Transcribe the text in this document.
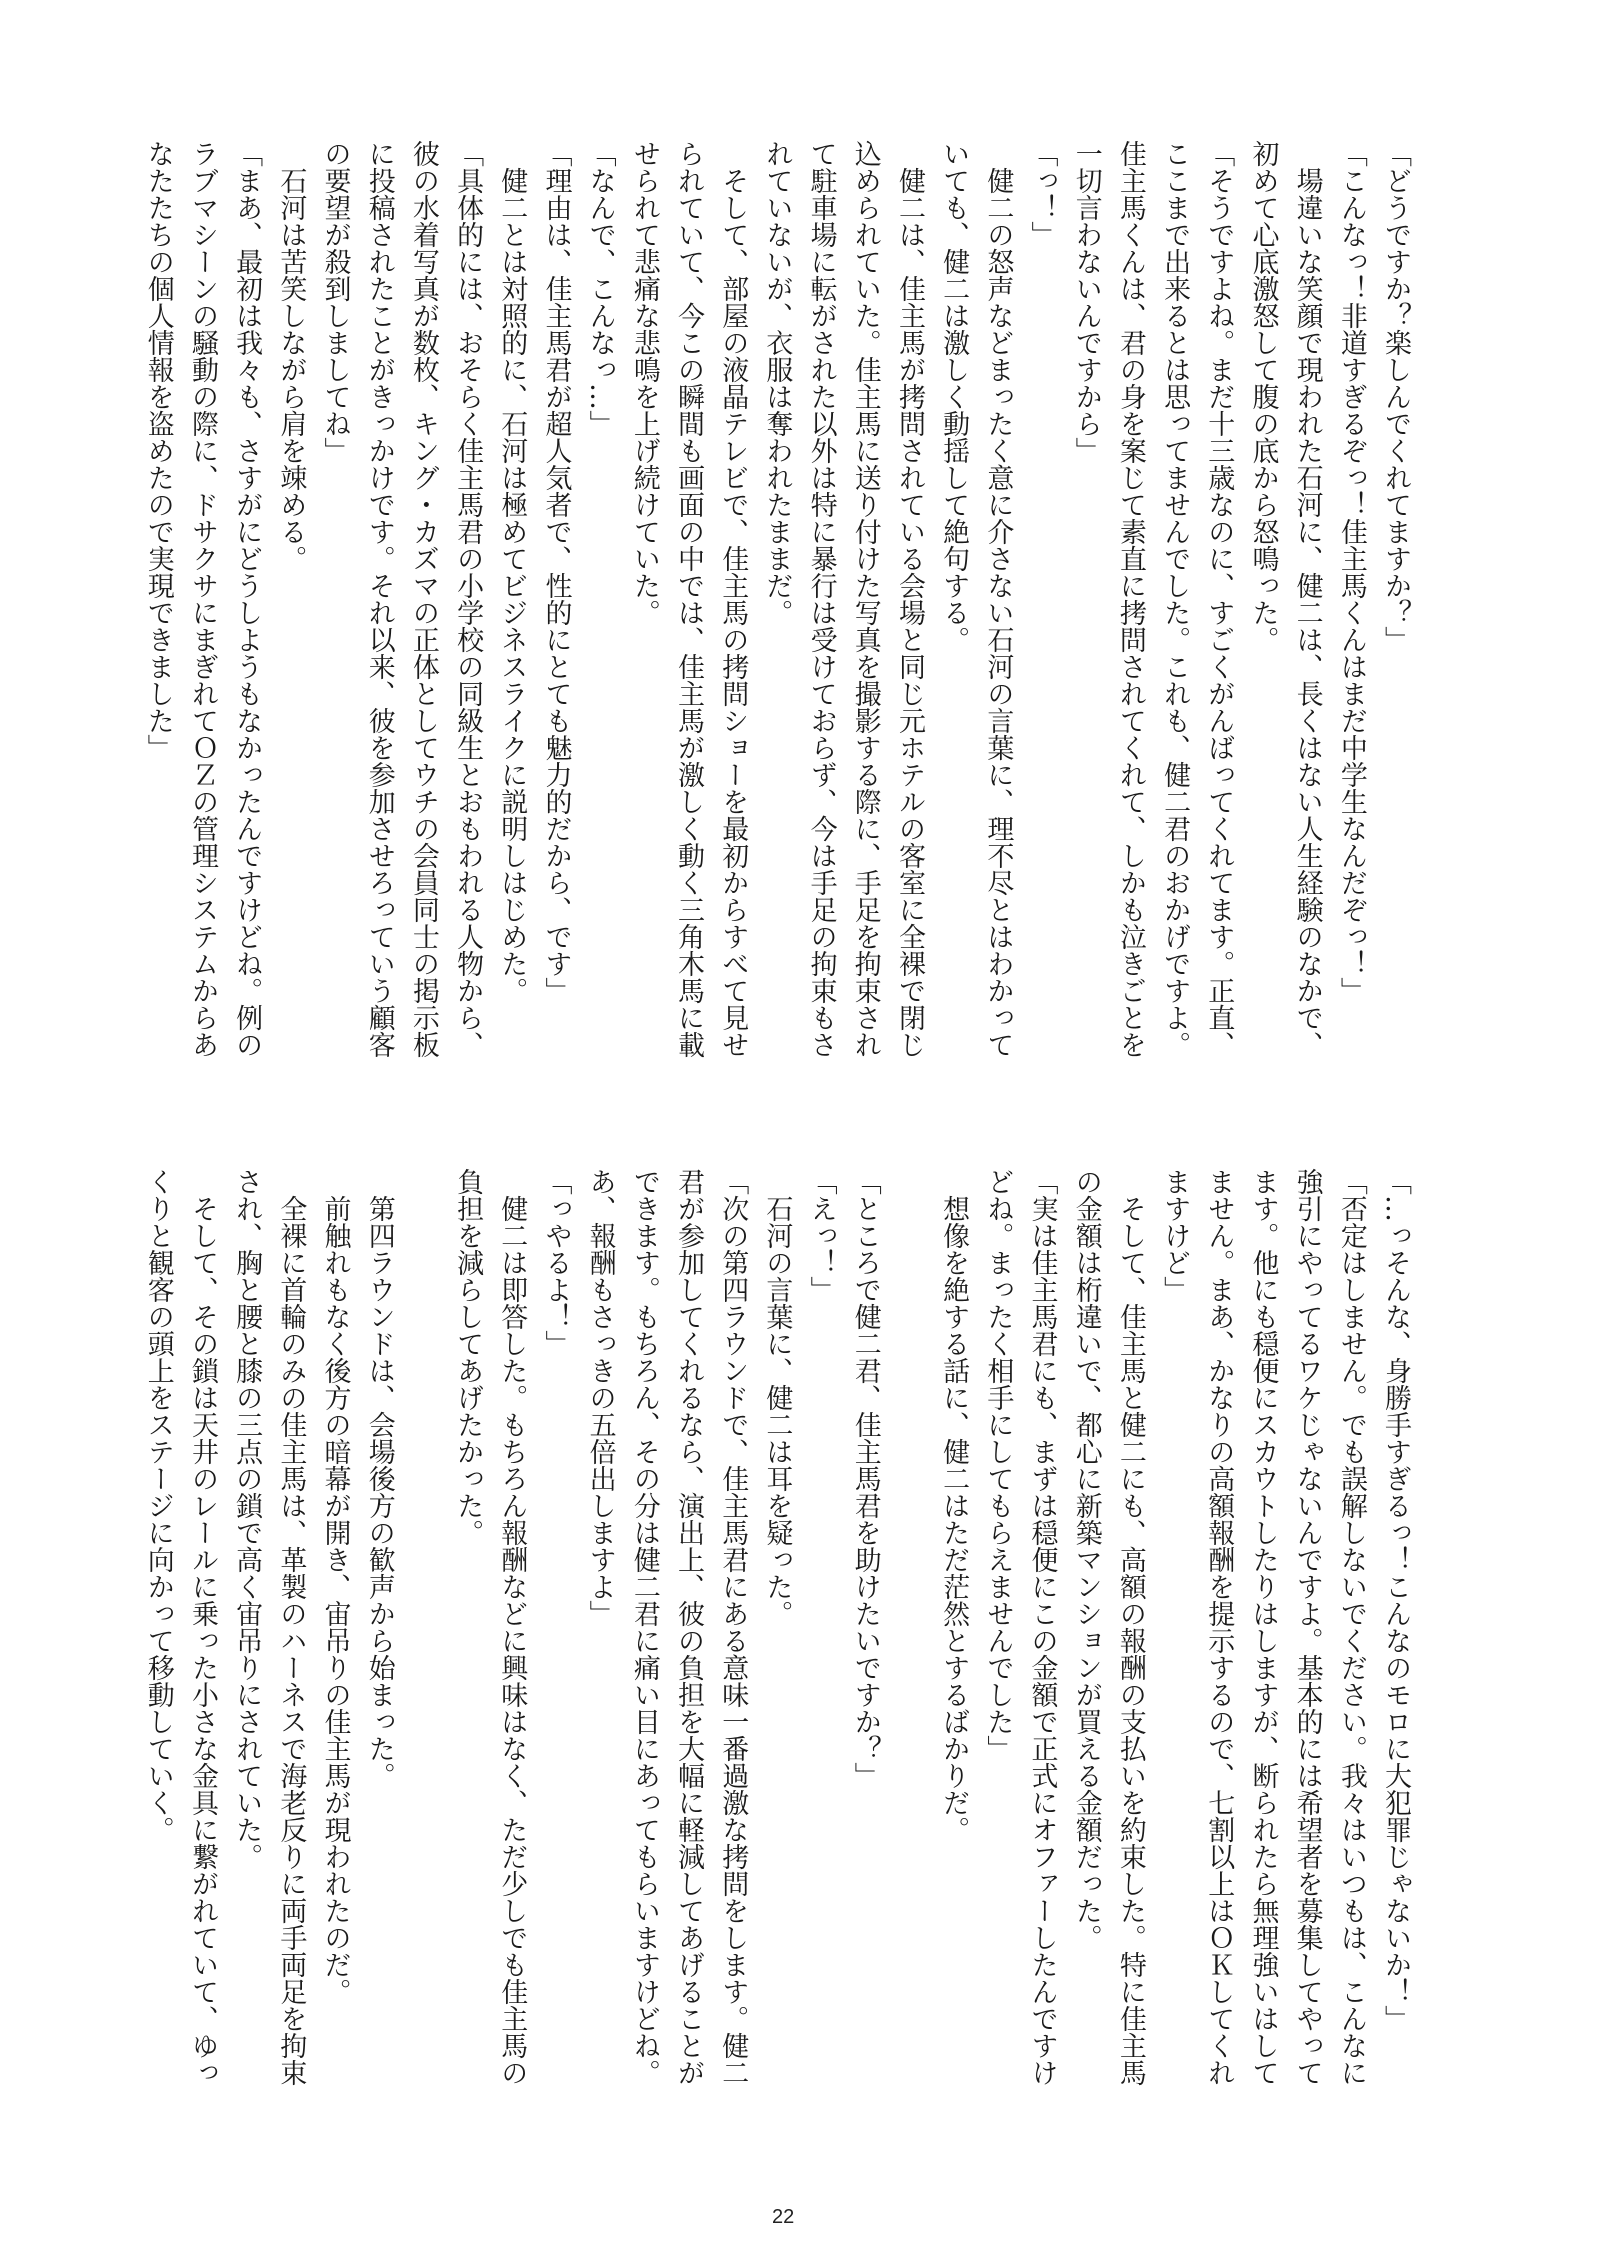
「どうですか？楽しんでくれてますか？」
「こんなっ！非道すぎるぞっ！佳主馬くんはまだ中学生なんだぞっ！」
　場違いな笑顔で現われた石河に、健二は、長くはない人生経験のなかで、
初めて心底激怒して腹の底から怒鳴った。
「そうですよね。まだ十三歳なのに、すごくがんばってくれてます。正直、
ここまで出来るとは思ってませんでした。これも、健二君のおかげですよ。
佳主馬くんは、君の身を案じて素直に拷問されてくれて、しかも泣きごとを
一切言わないんですから」
「っ！」
　健二の怒声などまったく意に介さない石河の言葉に、理不尽とはわかって
いても、健二は激しく動揺して絶句する。
　健二は、佳主馬が拷問されている会場と同じ元ホテルの客室に全裸で閉じ
込められていた。佳主馬に送り付けた写真を撮影する際に、手足を拘束され
て駐車場に転がされた以外は特に暴行は受けておらず、今は手足の拘束もさ
れていないが、衣服は奪われたままだ。
　そして、部屋の液晶テレビで、佳主馬の拷問ショーを最初からすべて見せ
られていて、今この瞬間も画面の中では、佳主馬が激しく動く三角木馬に載
せられて悲痛な悲鳴を上げ続けていた。
「なんで、こんなっ…」
「理由は、佳主馬君が超人気者で、性的にとても魅力的だから、です」
　健二とは対照的に、石河は極めてビジネスライクに説明しはじめた。
「具体的には、おそらく佳主馬君の小学校の同級生とおもわれる人物から、
彼の水着写真が数枚、キング・カズマの正体としてウチの会員同士の掲示板
に投稿されたことがきっかけです。それ以来、彼を参加させろっていう顧客
の要望が殺到しましてね」
　石河は苦笑しながら肩を竦める。
「まあ、最初は我々も、さすがにどうしようもなかったんですけどね。例の
ラブマシーンの騒動の際に、ドサクサにまぎれてＯＺの管理システムからあ
なたたちの個人情報を盗めたので実現できました」
「…っそんな、身勝手すぎるっ！こんなのモロに大犯罪じゃないか！」
「否定はしません。でも誤解しないでください。我々はいつもは、こんなに
強引にやってるワケじゃないんですよ。基本的には希望者を募集してやって
ます。他にも穏便にスカウトしたりはしますが、断られたら無理強いはして
ません。まあ、かなりの高額報酬を提示するので、七割以上はＯＫしてくれ
ますけど」
　そして、佳主馬と健二にも、高額の報酬の支払いを約束した。特に佳主馬
の金額は桁違いで、都心に新築マンションが買える金額だった。
「実は佳主馬君にも、まずは穏便にこの金額で正式にオファーしたんですけ
どね。まったく相手にしてもらえませんでした」
　想像を絶する話に、健二はただ茫然とするばかりだ。
「ところで健二君、佳主馬君を助けたいですか？」
「えっ！」
　石河の言葉に、健二は耳を疑った。
「次の第四ラウンドで、佳主馬君にある意味一番過激な拷問をします。健二
君が参加してくれるなら、演出上、彼の負担を大幅に軽減してあげることが
できます。もちろん、その分は健二君に痛い目にあってもらいますけどね。
あ、報酬もさっきの五倍出しますよ」
「っやるよ！」
　健二は即答した。もちろん報酬などに興味はなく、ただ少しでも佳主馬の
負担を減らしてあげたかった。
　第四ラウンドは、会場後方の歓声から始まった。
　前触れもなく後方の暗幕が開き、宙吊りの佳主馬が現われたのだ。
　全裸に首輪のみの佳主馬は、革製のハーネスで海老反りに両手両足を拘束
され、胸と腰と膝の三点の鎖で高く宙吊りにされていた。
　そして、その鎖は天井のレールに乗った小さな金具に繋がれていて、ゆっ
くりと観客の頭上をステージに向かって移動していく。
22
